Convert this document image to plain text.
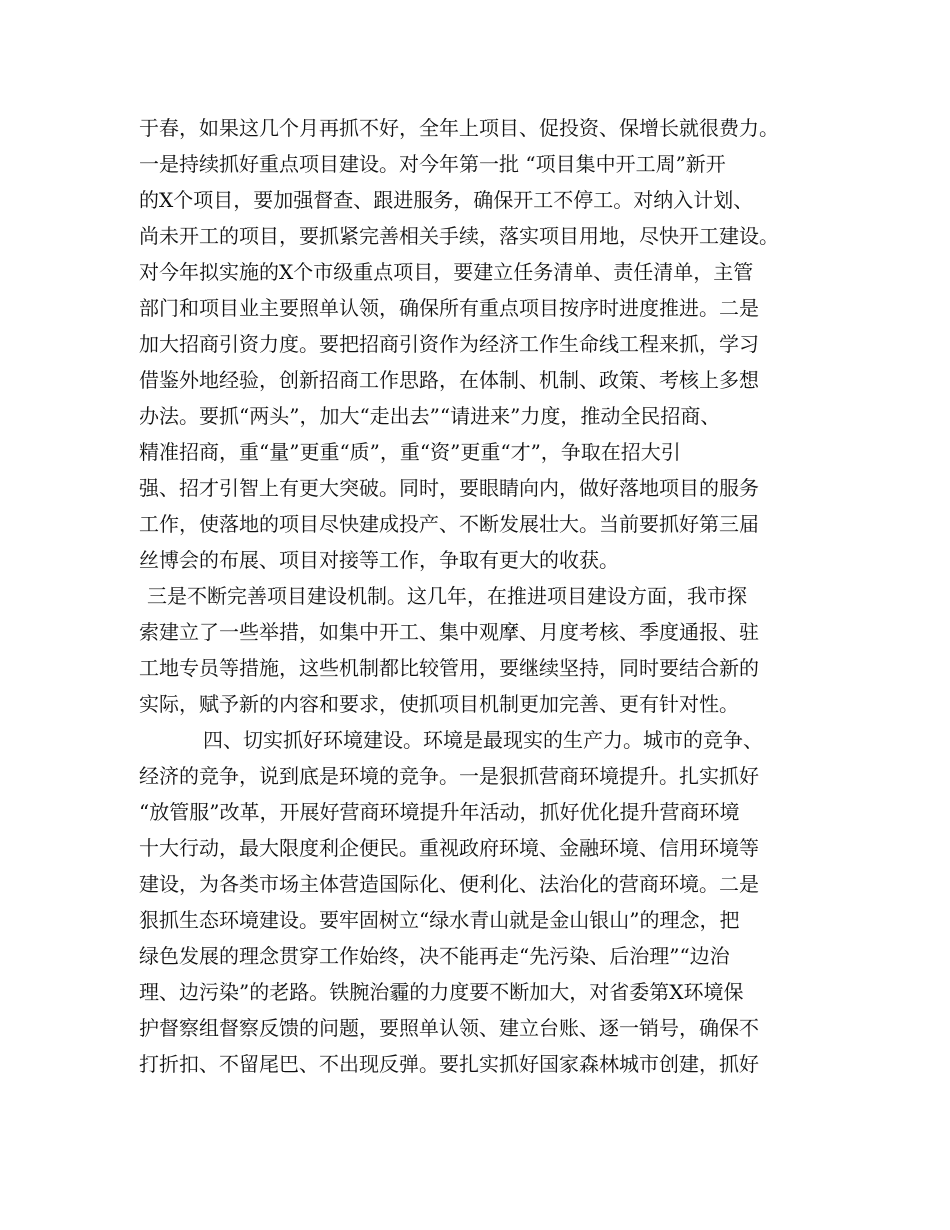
于春，如果这几个月再抓不好，全年上项目、促投资、保增长就很费力。
一是持续抓好重点项目建设。对今年第一批 “项目集中开工周”新开
的Ⅹ个项目，要加强督查、跟进服务，确保开工不停工。对纳入计划、
尚未开工的项目，要抓紧完善相关手续，落实项目用地，尽快开工建设。
对今年拟实施的Ⅹ个市级重点项目，要建立任务清单、责任清单，主管
部门和项目业主要照单认领，确保所有重点项目按序时进度推进。二是
加大招商引资力度。要把招商引资作为经济工作生命线工程来抓，学习
借鉴外地经验，创新招商工作思路，在体制、机制、政策、考核上多想
办法。要抓“两头”，加大“走出去”“请进来”力度，推动全民招商、
精准招商，重“量”更重“质”，重“资”更重“才”，争取在招大引
强、招才引智上有更大突破。同时，要眼睛向内，做好落地项目的服务
工作，使落地的项目尽快建成投产、不断发展壮大。当前要抓好第三届
丝博会的布展、项目对接等工作，争取有更大的收获。
三是不断完善项目建设机制。这几年，在推进项目建设方面，我市探
索建立了一些举措，如集中开工、集中观摩、月度考核、季度通报、驻
工地专员等措施，这些机制都比较管用，要继续坚持，同时要结合新的
实际，赋予新的内容和要求，使抓项目机制更加完善、更有针对性。
四、切实抓好环境建设。环境是最现实的生产力。城市的竞争、
经济的竞争，说到底是环境的竞争。一是狠抓营商环境提升。扎实抓好
“放管服”改革，开展好营商环境提升年活动，抓好优化提升营商环境
十大行动，最大限度利企便民。重视政府环境、金融环境、信用环境等
建设，为各类市场主体营造国际化、便利化、法治化的营商环境。二是
狠抓生态环境建设。要牢固树立“绿水青山就是金山银山”的理念，把
绿色发展的理念贯穿工作始终，决不能再走“先污染、后治理”“边治
理、边污染”的老路。铁腕治霾的力度要不断加大，对省委第Ⅹ环境保
护督察组督察反馈的问题，要照单认领、建立台账、逐一销号，确保不
打折扣、不留尾巴、不出现反弹。要扎实抓好国家森林城市创建，抓好
